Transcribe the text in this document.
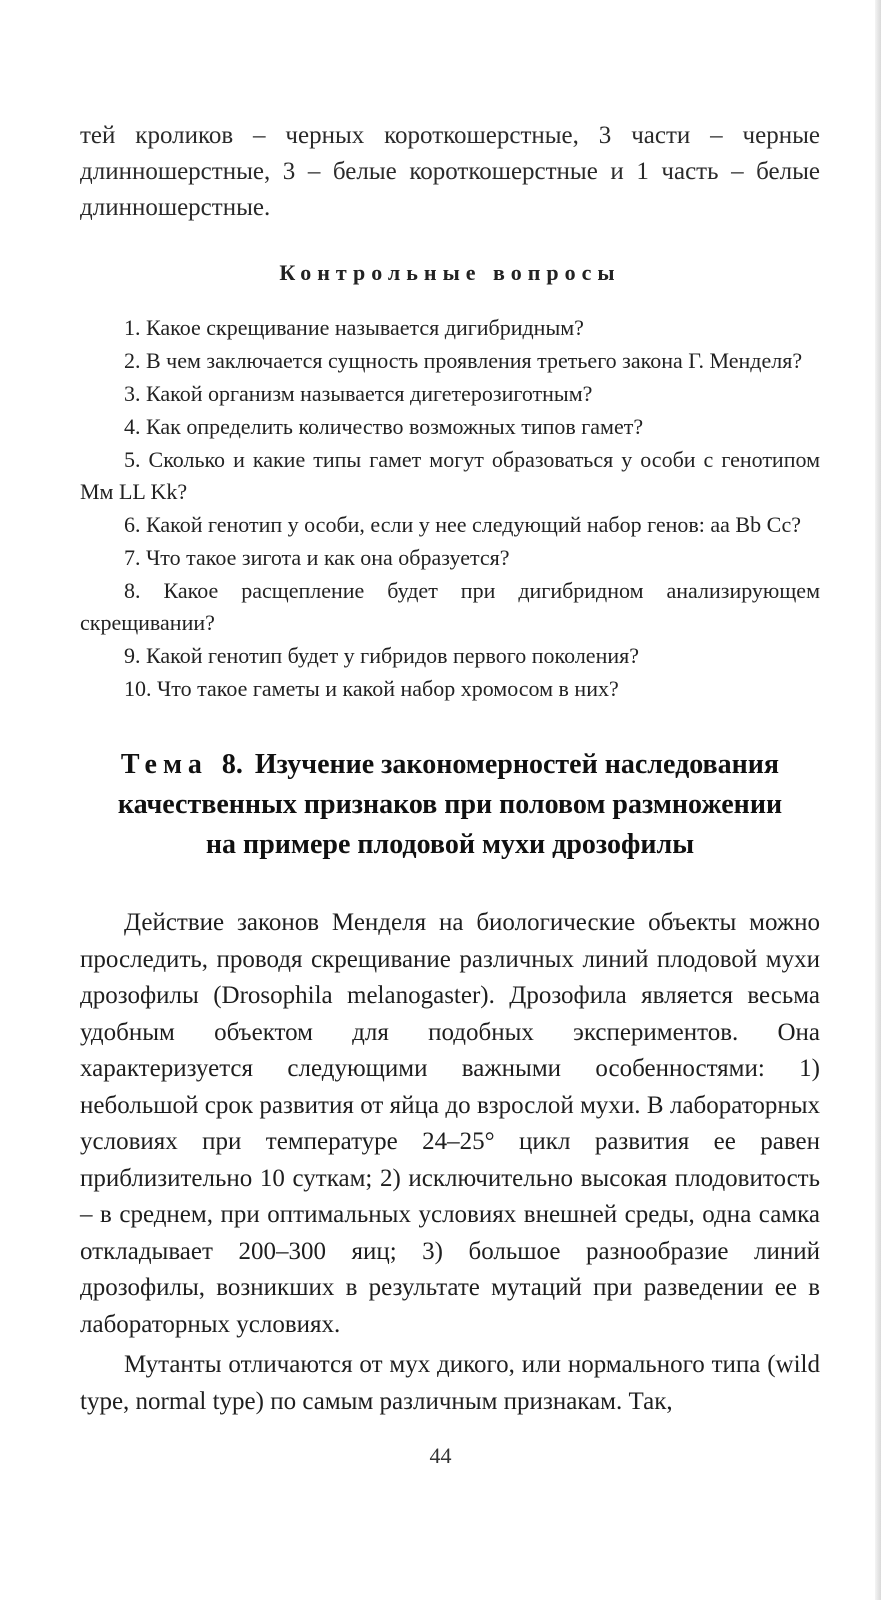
тей кроликов – черных короткошерстные, 3 части – черные длинношерстные, 3 – белые короткошерстные и 1 часть – белые длинношерстные.

Контрольные вопросы
1. Какое скрещивание называется дигибридным?
2. В чем заключается сущность проявления третьего закона Г. Менделя?
3. Какой организм называется дигетерозиготным?
4. Как определить количество возможных типов гамет?
5. Сколько и какие типы гамет могут образоваться у особи с генотипом Мм LL Kk?
6. Какой генотип у особи, если у нее следующий набор генов: аа Bb Сс?
7. Что такое зигота и как она образуется?
8. Какое расщепление будет при дигибридном анализирующем скрещивании?
9. Какой генотип будет у гибридов первого поколения?
10. Что такое гаметы и какой набор хромосом в них?
Тема 8. Изучение закономерностей наследования
качественных признаков при половом размножении
на примере плодовой мухи дрозофилы

Действие законов Менделя на биологические объекты можно проследить, проводя скрещивание различных линий плодовой мухи дрозофилы (Drosophila melanogaster). Дрозофила является весьма удобным объектом для подобных экспериментов. Она характеризуется следующими важными особенностями: 1) небольшой срок развития от яйца до взрослой мухи. В лабораторных условиях при температуре 24–25° цикл развития ее равен приблизительно 10 суткам; 2) исключительно высокая плодовитость – в среднем, при оптимальных условиях внешней среды, одна самка откладывает 200–300 яиц; 3) большое разнообразие линий дрозофилы, возникших в результате мутаций при разведении ее в лабораторных условиях.

Мутанты отличаются от мух дикого, или нормального типа (wild type, normal type) по самым различным признакам. Так,

44
